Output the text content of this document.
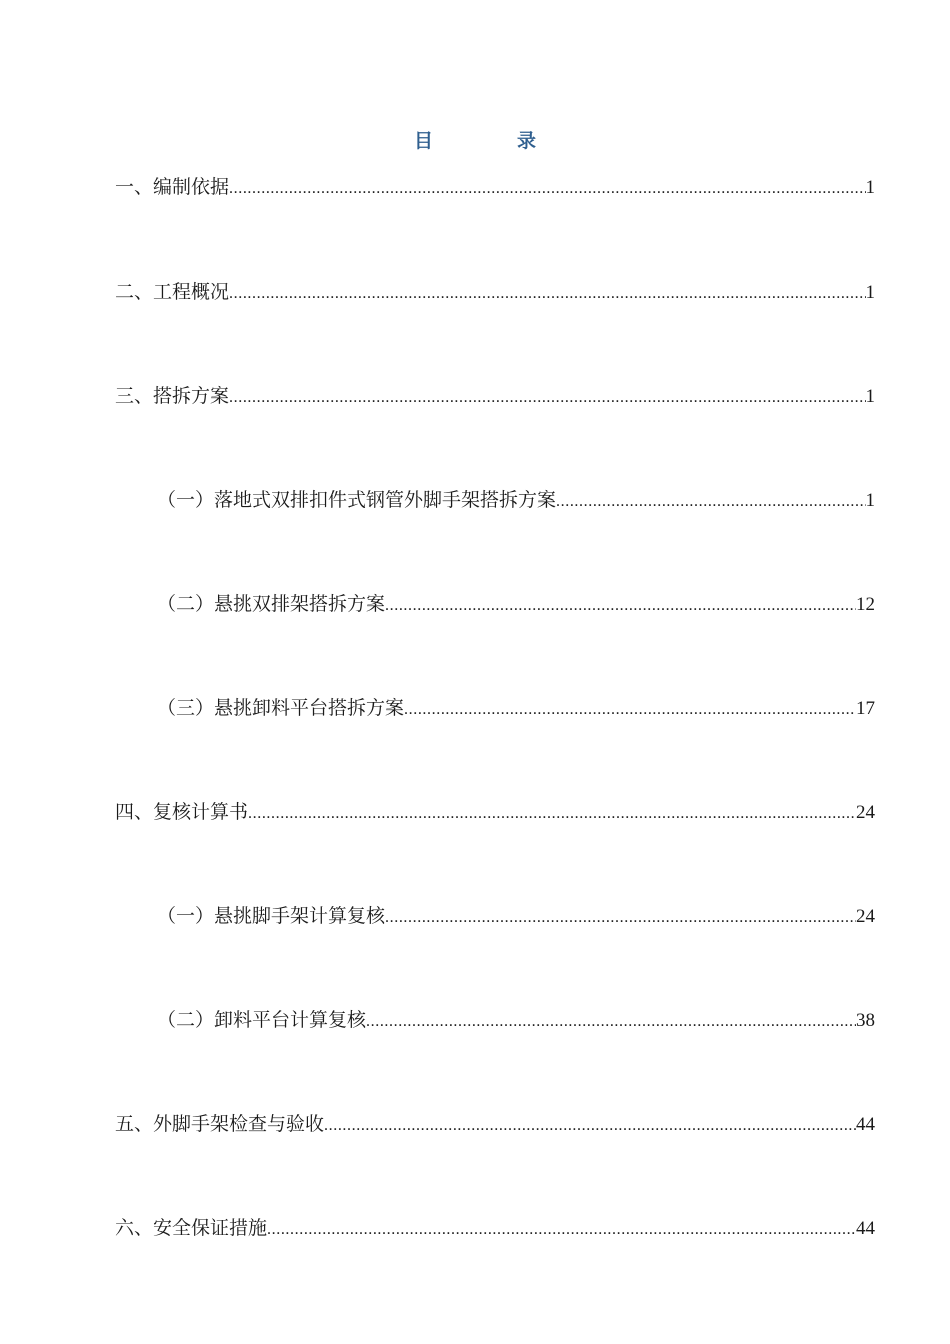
目	录
一、编制依据 .....	1
二、工程概况 .....	1
三、搭拆方案 .....	1
（一）落地式双排扣件式钢管外脚手架搭拆方案 .....	1
（二）悬挑双排架搭拆方案 .....	12
（三）悬挑卸料平台搭拆方案 .....	17
四、复核计算书 .....	24
（一）悬挑脚手架计算复核 .....	24
（二）卸料平台计算复核 .....	38
五、外脚手架检查与验收 .....	44
六、安全保证措施 .....	44
